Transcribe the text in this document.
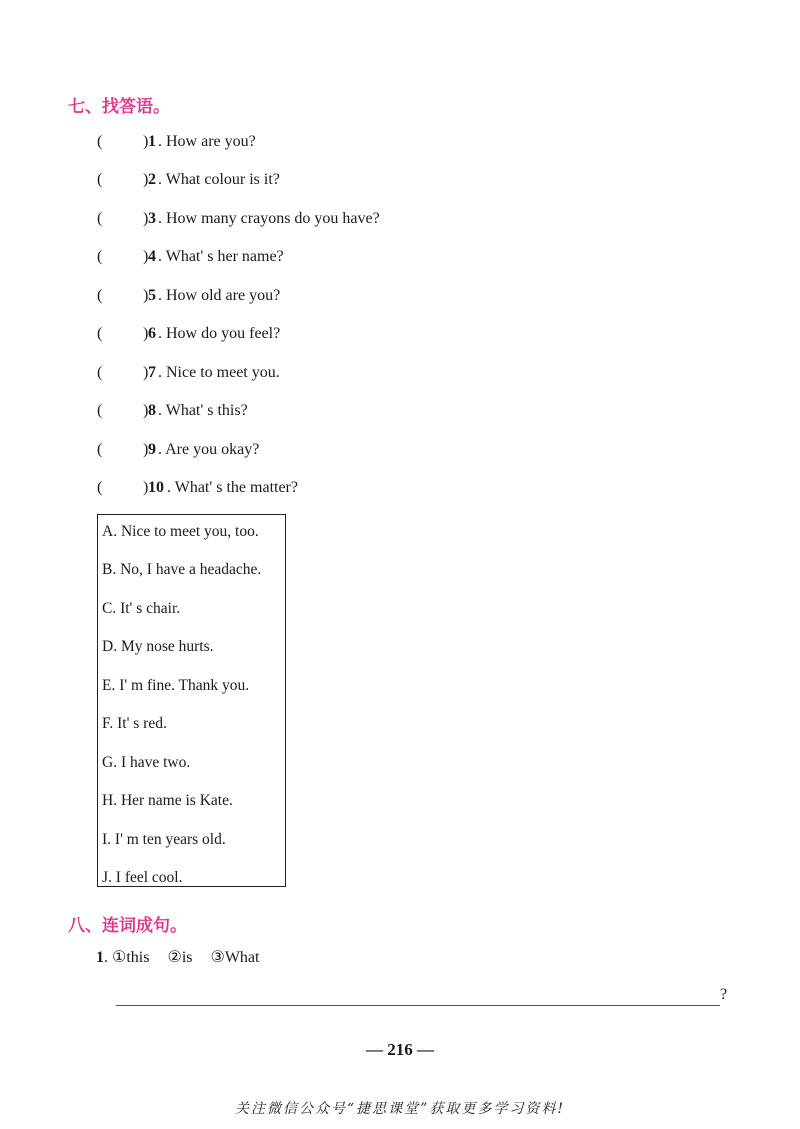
七、找答语。
(	) 1 . How are you?
(	) 2 . What colour is it?
(	) 3 . How many crayons do you have?
(	) 4 . What' s her name?
(	) 5 . How old are you?
(	) 6 . How do you feel?
(	) 7 . Nice to meet you.
(	) 8 . What' s this?
(	) 9 . Are you okay?
(	) 10 . What' s the matter?
A. Nice to meet you, too.
B. No, I have a headache.
C. It' s chair.
D. My nose hurts.
E. I' m fine. Thank you.
F. It' s red.
G. I have two.
H. Her name is Kate.
I. I' m ten years old.
J. I feel cool.
八、连词成句。
1. ①this ②is ③What
?
— 216 —
关注微信公众号“捷思课堂”获取更多学习资料!
